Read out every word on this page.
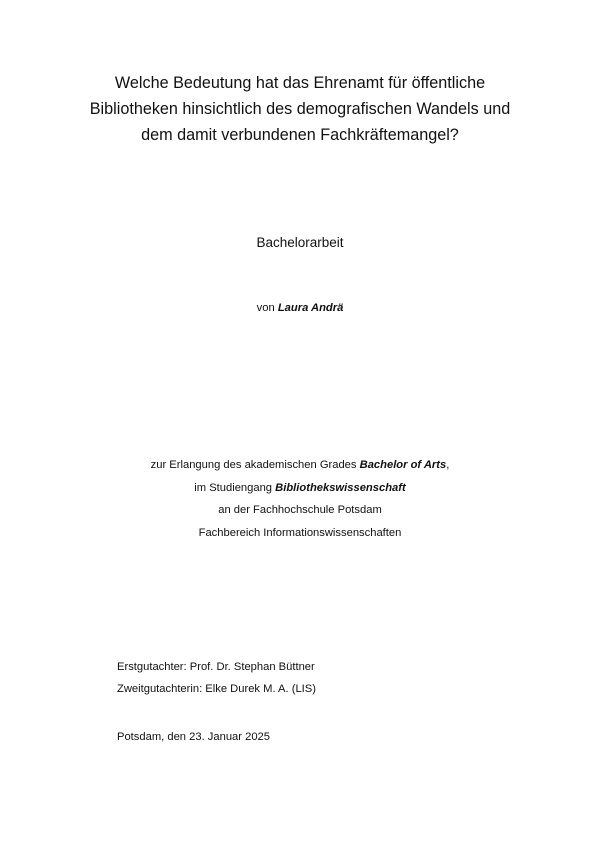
Welche Bedeutung hat das Ehrenamt für öffentliche
Bibliotheken hinsichtlich des demografischen Wandels und
dem damit verbundenen Fachkräftemangel?
Bachelorarbeit
von Laura Andrä
zur Erlangung des akademischen Grades Bachelor of Arts,
im Studiengang Bibliothekswissenschaft
an der Fachhochschule Potsdam
Fachbereich Informationswissenschaften
Erstgutachter: Prof. Dr. Stephan Büttner
Zweitgutachterin: Elke Durek M. A. (LIS)
Potsdam, den 23. Januar 2025
